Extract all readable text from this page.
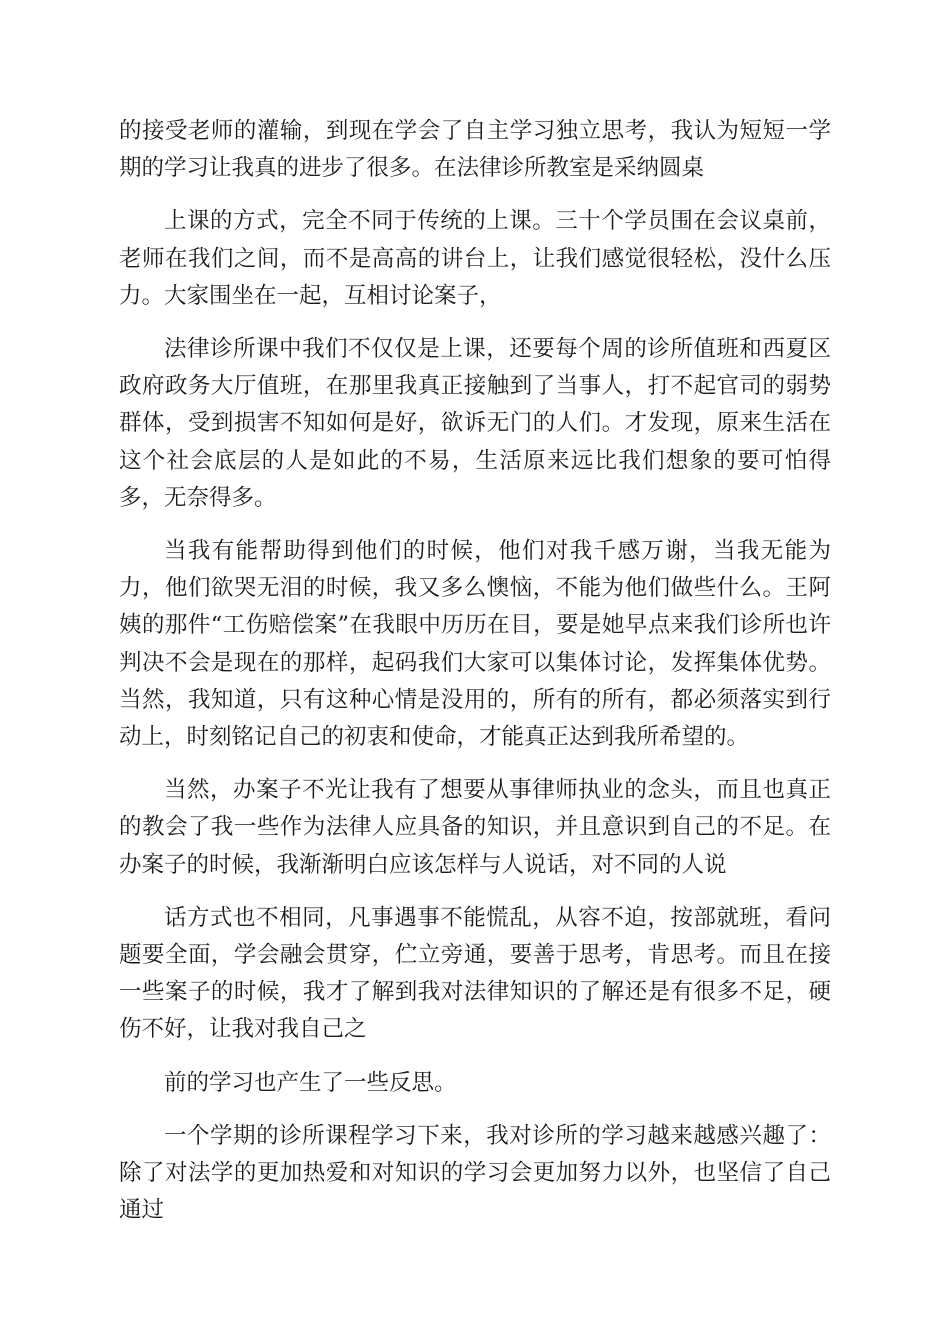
的接受老师的灌输，到现在学会了自主学习独立思考，我认为短短一学期的学习让我真的进步了很多。在法律诊所教室是采纳圆桌

上课的方式，完全不同于传统的上课。三十个学员围在会议桌前，老师在我们之间，而不是高高的讲台上，让我们感觉很轻松，没什么压力。大家围坐在一起，互相讨论案子，

法律诊所课中我们不仅仅是上课，还要每个周的诊所值班和西夏区政府政务大厅值班，在那里我真正接触到了当事人，打不起官司的弱势群体，受到损害不知如何是好，欲诉无门的人们。才发现，原来生活在这个社会底层的人是如此的不易，生活原来远比我们想象的要可怕得多，无奈得多。

当我有能帮助得到他们的时候，他们对我千感万谢，当我无能为力，他们欲哭无泪的时候，我又多么懊恼，不能为他们做些什么。王阿姨的那件“工伤赔偿案”在我眼中历历在目，要是她早点来我们诊所也许判决不会是现在的那样，起码我们大家可以集体讨论，发挥集体优势。当然，我知道，只有这种心情是没用的，所有的所有，都必须落实到行动上，时刻铭记自己的初衷和使命，才能真正达到我所希望的。

当然，办案子不光让我有了想要从事律师执业的念头，而且也真正的教会了我一些作为法律人应具备的知识，并且意识到自己的不足。在办案子的时候，我渐渐明白应该怎样与人说话，对不同的人说

话方式也不相同，凡事遇事不能慌乱，从容不迫，按部就班，看问题要全面，学会融会贯穿，伫立旁通，要善于思考，肯思考。而且在接一些案子的时候，我才了解到我对法律知识的了解还是有很多不足，硬伤不好，让我对我自己之

前的学习也产生了一些反思。

一个学期的诊所课程学习下来，我对诊所的学习越来越感兴趣了：除了对法学的更加热爱和对知识的学习会更加努力以外，也坚信了自己通过
